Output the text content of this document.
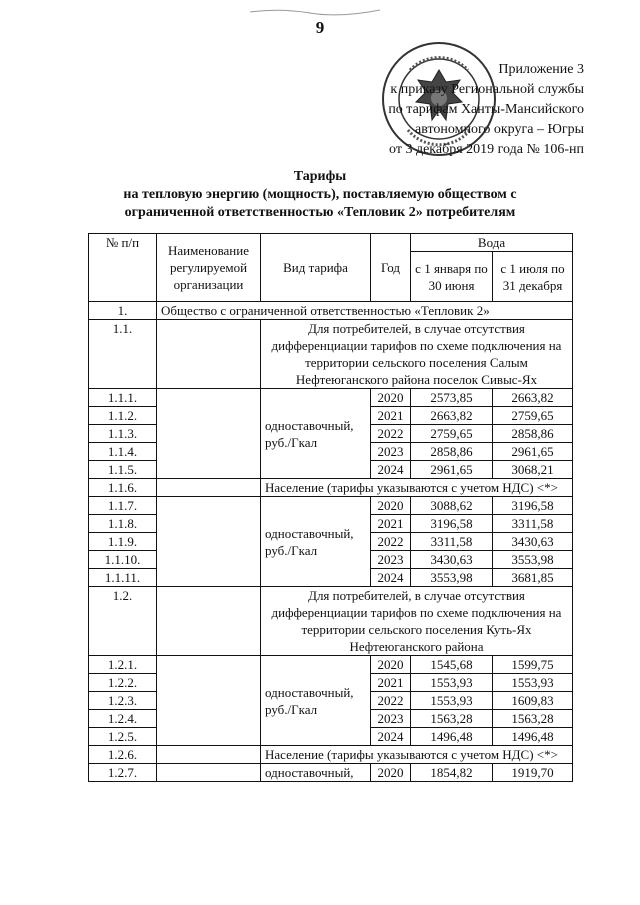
9
Приложение 3
к приказу Региональной службы
по тарифам Ханты-Мансийского
автономного округа – Югры
от 3 декабря 2019 года № 106-нп
Тарифы
на тепловую энергию (мощность), поставляемую обществом с
ограниченной ответственностью «Тепловик 2» потребителям
№ п/п	Наименование регулируемой организации	Вид тарифа	Год	Вода	
				с 1 января по 30 июня	с 1 июля по 31 декабря
1.	Общество с ограниченной ответственностью «Тепловик 2»				
1.1.		Для потребителей, в случае отсутствия дифференциации тарифов по схеме подключения на территории сельского поселения Салым Нефтеюганского района поселок Сивыс-Ях			
1.1.1.		одноставочный, руб./Гкал	2020	2573,85	2663,82
1.1.2.			2021	2663,82	2759,65
1.1.3.			2022	2759,65	2858,86
1.1.4.			2023	2858,86	2961,65
1.1.5.			2024	2961,65	3068,21
1.1.6.		Население (тарифы указываются с учетом НДС) <*>			
1.1.7.		одноставочный, руб./Гкал	2020	3088,62	3196,58
1.1.8.			2021	3196,58	3311,58
1.1.9.			2022	3311,58	3430,63
1.1.10.			2023	3430,63	3553,98
1.1.11.			2024	3553,98	3681,85
1.2.		Для потребителей, в случае отсутствия дифференциации тарифов по схеме подключения на территории сельского поселения Куть-Ях Нефтеюганского района			
1.2.1.		одноставочный, руб./Гкал	2020	1545,68	1599,75
1.2.2.			2021	1553,93	1553,93
1.2.3.			2022	1553,93	1609,83
1.2.4.			2023	1563,28	1563,28
1.2.5.			2024	1496,48	1496,48
1.2.6.		Население (тарифы указываются с учетом НДС) <*>			
1.2.7.		одноставочный,	2020	1854,82	1919,70
